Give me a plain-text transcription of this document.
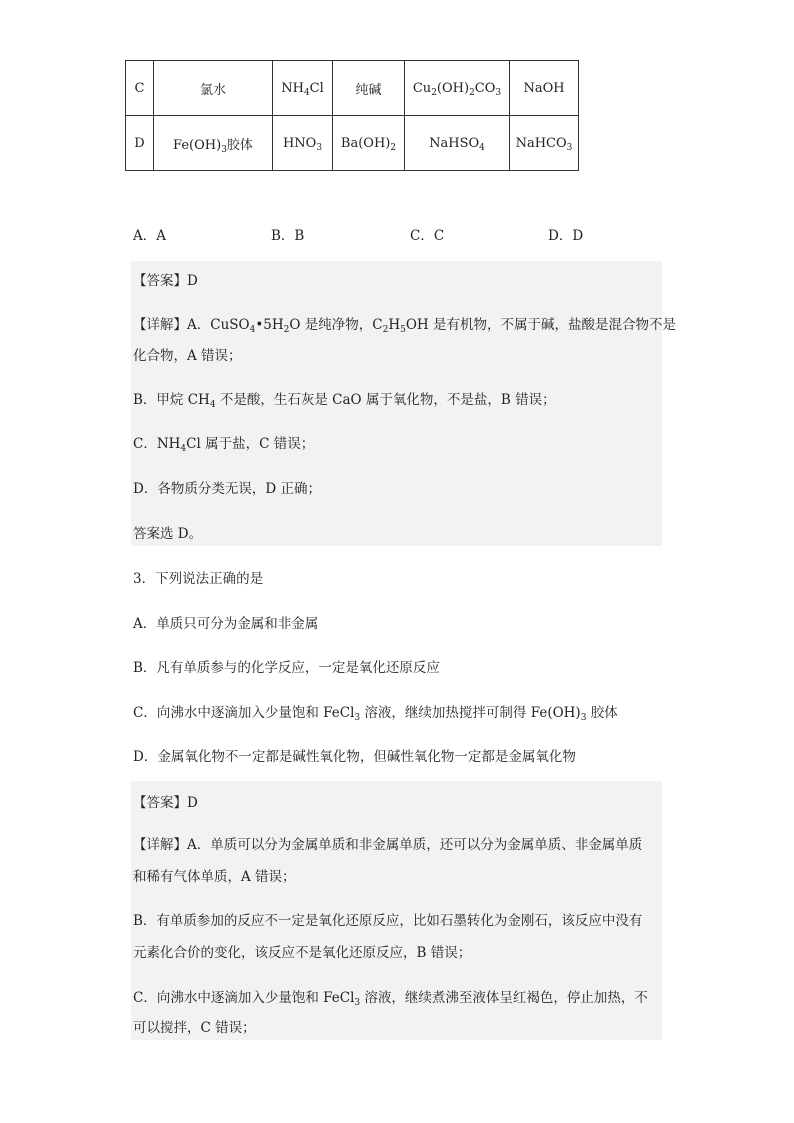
C	氯水	$NH_4Cl$	纯碱	$Cu_2(OH)_2CO_3$	NaOH
D	$Fe(OH)_3$胶体	$HNO_3$	$Ba(OH)_2$	NaHSO$_4$	NaHCO$_3$
A．A	B．B	C．C	D．D
【答案】D
【详解】A．$CuSO_4•5H_2O$ 是纯净物，$C_2H_5OH$ 是有机物，不属于碱，盐酸是混合物不是
化合物，A 错误；
B．甲烷 $CH_4$ 不是酸，生石灰是 CaO 属于氧化物，不是盐，B 错误；
C．$NH_4Cl$ 属于盐，C 错误；
D．各物质分类无误，D 正确；
答案选 D。
3．下列说法正确的是
A．单质只可分为金属和非金属
B．凡有单质参与的化学反应，一定是氧化还原反应
C．向沸水中逐滴加入少量饱和 FeCl$_3$ 溶液，继续加热搅拌可制得 $Fe(OH)_3$ 胶体
D．金属氧化物不一定都是碱性氧化物，但碱性氧化物一定都是金属氧化物
【答案】D
【详解】A．单质可以分为金属单质和非金属单质，还可以分为金属单质、非金属单质
和稀有气体单质，A 错误；
B．有单质参加的反应不一定是氧化还原反应，比如石墨转化为金刚石，该反应中没有
元素化合价的变化，该反应不是氧化还原反应，B 错误；
C．向沸水中逐滴加入少量饱和 FeCl$_3$ 溶液，继续煮沸至液体呈红褐色，停止加热，不
可以搅拌，C 错误；
